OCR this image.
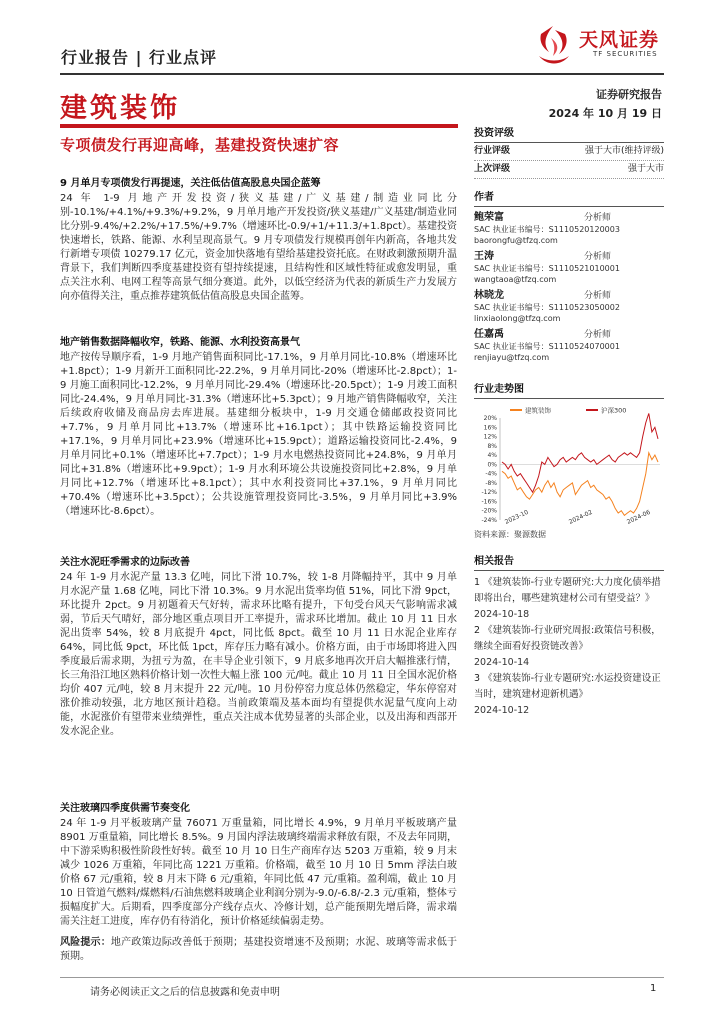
行业报告 | 行业点评
天风证券
TF SECURITIES
建筑装饰	证券研究报告
2024 年 10 月 19 日
专项债发行再迎高峰，基建投资快速扩容
9 月单月专项债发行再提速，关注低估值高股息央国企蓝筹
24 年 1-9 月地产开发投资/狭义基建/广义基建/制造业同比分别-10.1%/+4.1%/+9.3%/+9.2%，9 月单月地产开发投资/狭义基建/广义基建/制造业同比分别-9.4%/+2.2%/+17.5%/+9.7%（增速环比-0.9/+1/+11.3/+1.8pct）。基建投资快速增长，铁路、能源、水利呈现高景气。9 月专项债发行规模再创年内新高，各地共发行新增专项债 10279.17 亿元，资金加快落地有望给基建投资托底。在财政刺激预期升温背景下，我们判断四季度基建投资有望持续提速，且结构性和区域性特征或愈发明显，重点关注水利、电网工程等高景气细分赛道。此外，以低空经济为代表的新质生产力发展方向亦值得关注，重点推荐建筑低估值高股息央国企蓝筹。
地产销售数据降幅收窄，铁路、能源、水利投资高景气
地产按传导顺序看，1-9 月地产销售面积同比-17.1%，9 月单月同比-10.8%（增速环比+1.8pct）；1-9 月新开工面积同比-22.2%，9 月单月同比-20%（增速环比-2.8pct）；1-9 月施工面积同比-12.2%，9 月单月同比-29.4%（增速环比-20.5pct）；1-9 月竣工面积同比-24.4%，9 月单月同比-31.3%（增速环比+5.3pct）；9 月地产销售降幅收窄，关注后续政府收储及商品房去库进展。基建细分板块中，1-9 月交通仓储邮政投资同比+7.7%，9 月单月同比+13.7%（增速环比+16.1pct）；其中铁路运输投资同比+17.1%，9 月单月同比+23.9%（增速环比+15.9pct）；道路运输投资同比-2.4%，9 月单月同比+0.1%（增速环比+7.7pct）；1-9 月水电燃热投资同比+24.8%，9 月单月同比+31.8%（增速环比+9.9pct）；1-9 月水利环境公共设施投资同比+2.8%，9 月单月同比+12.7%（增速环比+8.1pct）；其中水利投资同比+37.1%，9 月单月同比+70.4%（增速环比+3.5pct）；公共设施管理投资同比-3.5%，9 月单月同比+3.9%（增速环比-8.6pct）。
关注水泥旺季需求的边际改善
24 年 1-9 月水泥产量 13.3 亿吨，同比下滑 10.7%，较 1-8 月降幅持平，其中 9 月单月水泥产量 1.68 亿吨，同比下滑 10.3%。9 月水泥出货率均值 51%，同比下滑 9pct，环比提升 2pct。9 月初题着天气好转，需求环比略有提升，下旬受台风天气影响需求减弱，节后天气晴好，部分地区重点项目开工率提升，需求环比增加。截止 10 月 11 日水泥出货率 54%，较 8 月底提升 4pct，同比低 8pct。截至 10 月 11 日水泥企业库存 64%，同比低 9pct，环比低 1pct，库存压力略有减小。价格方面，由于市场即将进入四季度最后需求期，为扭亏为盈，在丰导企业引领下，9 月底多地再次开启大幅推涨行情，长三角沿江地区熟料价格计划一次性大幅上涨 100 元/吨。截止 10 月 11 日全国水泥价格均价 407 元/吨，较 8 月末提升 22 元/吨。10 月份停窑力度总体仍然稳定，华东停窑对涨价推动较强，北方地区预计趋稳。当前政策端及基本面均有望提供水泥量气度向上动能，水泥涨价有望带来业绩弹性，重点关注成本优势显著的头部企业，以及出海和西部开发水泥企业。
关注玻璃四季度供需节奏变化
24 年 1-9 月平板玻璃产量 76071 万重量箱，同比增长 4.9%，9 月单月平板玻璃产量 8901 万重量箱，同比增长 8.5%。9 月国内浮法玻璃终端需求释放有限，不及去年同期，中下游采购积极性阶段性好转。截至 10 月 10 日生产商库存达 5203 万重箱，较 9 月末减少 1026 万重箱，年同比高 1221 万重箱。价格端，截至 10 月 10 日 5mm 浮法白玻价格 67 元/重箱，较 8 月末下降 6 元/重箱，年同比低 47 元/重箱。盈利端，截止 10 月 10 日管道气燃料/煤燃料/石油焦燃料玻璃企业利润分别为-9.0/-6.8/-2.3 元/重箱，整体亏损幅度扩大。后期看，四季度部分产线存点火、冷修计划，总产能预期先增后降，需求端需关注赶工进度，库存仍有待消化，预计价格延续偏弱走势。
风险提示：地产政策边际改善低于预期；基建投资增速不及预期；水泥、玻璃等需求低于预期。
投资评级
行业评级	强于大市(维持评级)
上次评级	强于大市
作者
鲍荣富	分析师
SAC 执业证书编号：S1110520120003
baorongfu@tfzq.com
王涛	分析师
SAC 执业证书编号：S1110521010001
wangtaoa@tfzq.com
林晓龙	分析师
SAC 执业证书编号：S1110523050002
linxiaolong@tfzq.com
任嘉禹	分析师
SAC 执业证书编号：S1110524070001
renjiayu@tfzq.com
行业走势图
20%
16%
12%
8%
4%
0%
-4%
-8%
-12%
-16%
-20%
-24% 2023-10	2024-02	2024-06
建筑装饰	沪深300
资料来源：聚源数据
相关报告
1 《建筑装饰-行业专题研究:大力度化债举措即将出台，哪些建筑建材公司有望受益？》
2024-10-18
2 《建筑装饰-行业研究周报:政策信号积极，继续全面看好投资链改善》
2024-10-14
3 《建筑装饰-行业专题研究:水运投资建设正当时，建筑建材迎新机遇》
2024-10-12
请务必阅读正文之后的信息披露和免责申明	1
